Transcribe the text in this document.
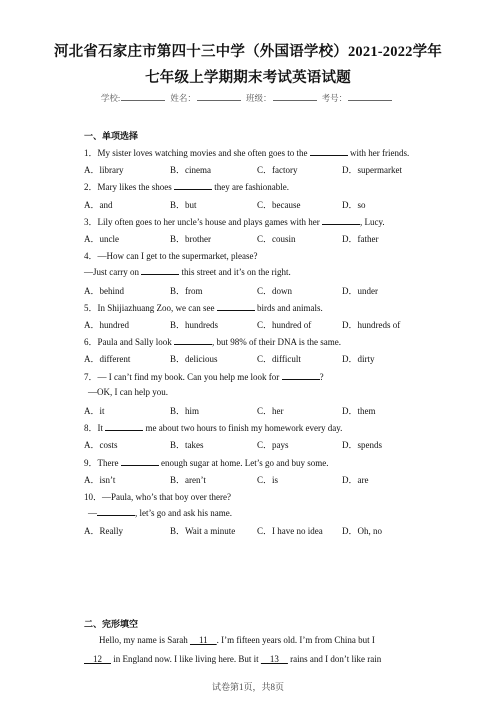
河北省石家庄市第四十三中学（外国语学校）2021-2022学年
七年级上学期期末考试英语试题
学校:	姓名：	班级：	考号：
一、单项选择
1．My sister loves watching movies and she often goes to the	with her friends.
A．library	B．cinema	C．factory	D．supermarket
2．Mary likes the shoes	they are fashionable.
A．and	B．but	C．because	D．so
3．Lily often goes to her uncle’s house and plays games with her	, Lucy.
A．uncle	B．brother	C．cousin	D．father
4．—How can I get to the supermarket, please?
—Just carry on	this street and it’s on the right.
A．behind	B．from	C．down	D．under
5．In Shijiazhuang Zoo, we can see	birds and animals.
A．hundred	B．hundreds	C．hundred of	D．hundreds of
6．Paula and Sally look	, but 98% of their DNA is the same.
A．different	B．delicious	C．difficult	D．dirty
7．— I can’t find my book. Can you help me look for	?
—OK, I can help you.
A．it	B．him	C．her	D．them
8．It	me about two hours to finish my homework every day.
A．costs	B．takes	C．pays	D．spends
9．There	enough sugar at home. Let’s go and buy some.
A．isn’t	B．aren’t	C．is	D．are
10．—Paula, who’s that boy over there?
—	, let’s go and ask his name.
A．Really	B．Wait a minute C．I have no idea D．Oh, no
二、完形填空
Hello, my name is Sarah     11    . I’m fifteen years old. I’m from China but I
12     in England now. I like living here. But it     13     rains and I don’t like rain
试卷第1页，共8页
